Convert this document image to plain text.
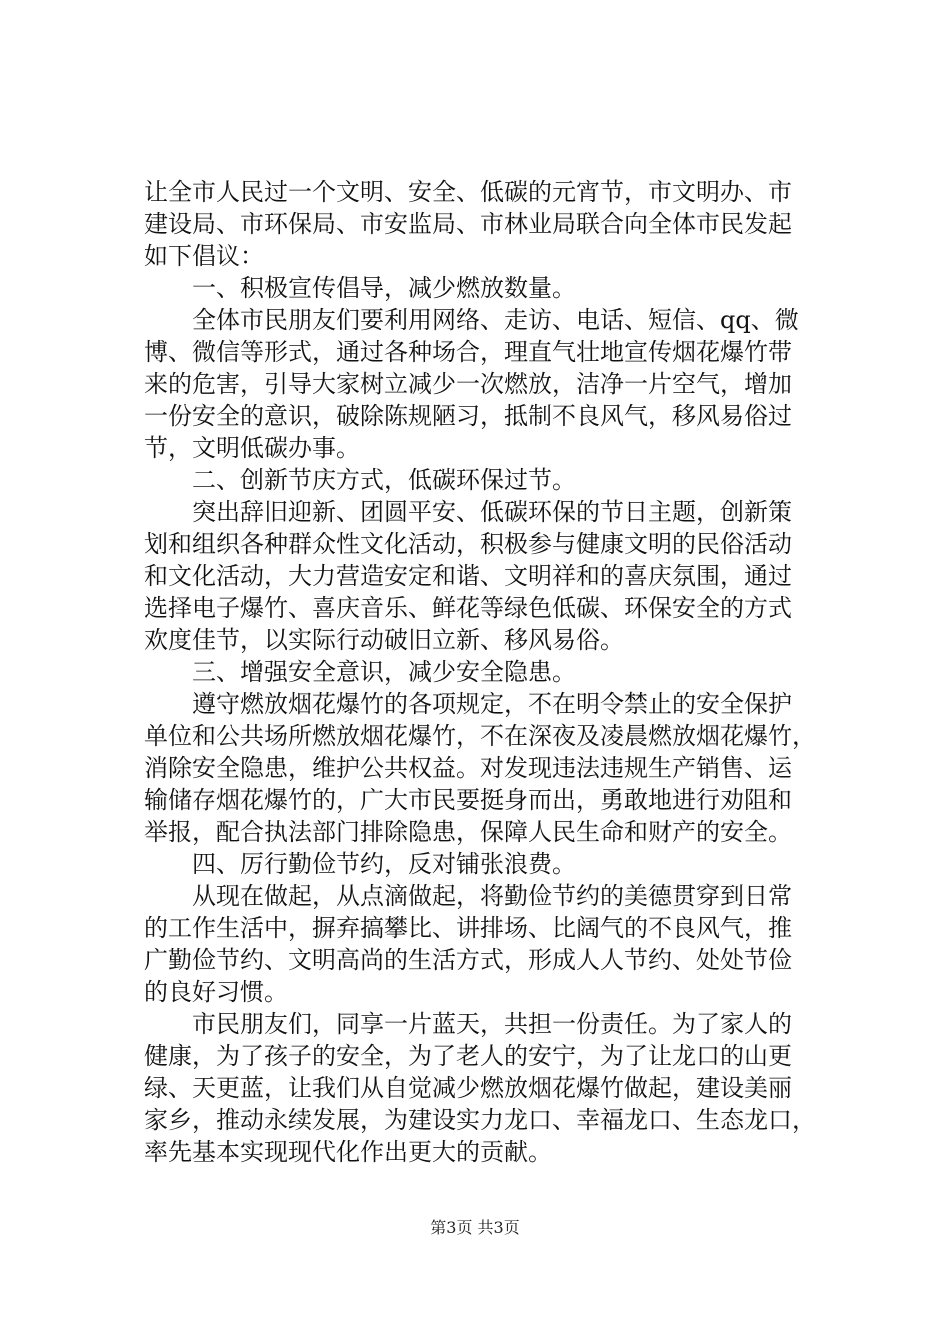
让全市人民过一个文明、安全、低碳的元宵节，市文明办、市
建设局、市环保局、市安监局、市林业局联合向全体市民发起
如下倡议：
一、积极宣传倡导，减少燃放数量。
全体市民朋友们要利用网络、走访、电话、短信、qq、微
博、微信等形式，通过各种场合，理直气壮地宣传烟花爆竹带
来的危害，引导大家树立减少一次燃放，洁净一片空气，增加
一份安全的意识，破除陈规陋习，抵制不良风气，移风易俗过
节，文明低碳办事。
二、创新节庆方式，低碳环保过节。
突出辞旧迎新、团圆平安、低碳环保的节日主题，创新策
划和组织各种群众性文化活动，积极参与健康文明的民俗活动
和文化活动，大力营造安定和谐、文明祥和的喜庆氛围，通过
选择电子爆竹、喜庆音乐、鲜花等绿色低碳、环保安全的方式
欢度佳节，以实际行动破旧立新、移风易俗。
三、增强安全意识，减少安全隐患。
遵守燃放烟花爆竹的各项规定，不在明令禁止的安全保护
单位和公共场所燃放烟花爆竹，不在深夜及凌晨燃放烟花爆竹，
消除安全隐患，维护公共权益。对发现违法违规生产销售、运
输储存烟花爆竹的，广大市民要挺身而出，勇敢地进行劝阻和
举报，配合执法部门排除隐患，保障人民生命和财产的安全。
四、厉行勤俭节约，反对铺张浪费。
从现在做起，从点滴做起，将勤俭节约的美德贯穿到日常
的工作生活中，摒弃搞攀比、讲排场、比阔气的不良风气，推
广勤俭节约、文明高尚的生活方式，形成人人节约、处处节俭
的良好习惯。
市民朋友们，同享一片蓝天，共担一份责任。为了家人的
健康，为了孩子的安全，为了老人的安宁，为了让龙口的山更
绿、天更蓝，让我们从自觉减少燃放烟花爆竹做起，建设美丽
家乡，推动永续发展，为建设实力龙口、幸福龙口、生态龙口，
率先基本实现现代化作出更大的贡献。
第3页 共3页
